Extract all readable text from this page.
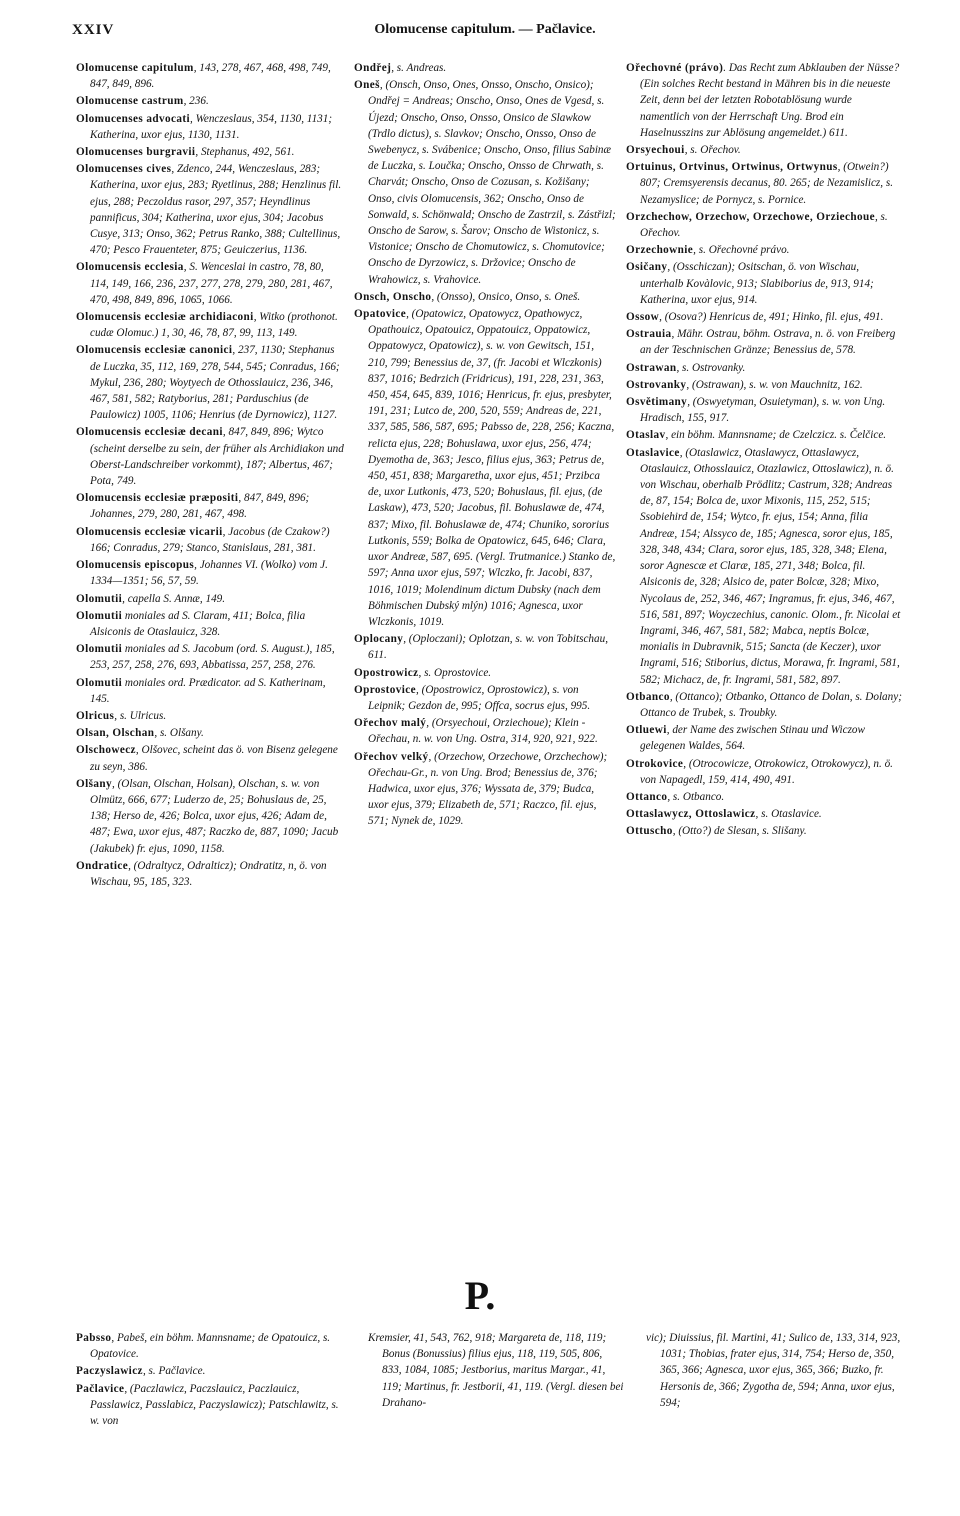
XXIV	Olomucense capitulum. — Pačlavice.
Olomucense capitulum, 143, 278, 467, 468, 498, 749, 847, 849, 896.
Olomucense castrum, 236.
Olomucenses advocati, Wenczeslaus, 354, 1130, 1131; Katherina, uxor ejus, 1130, 1131.
Olomucenses burgravii, Stephanus, 492, 561.
Olomucenses cives, Zdenco, 244, Wenczeslaus, 283; Katherina, uxor ejus, 283; Ryetlinus, 288; Henzlinus fil. ejus, 288; Peczoldus rasor, 297, 357; Heyndlinus pannificus, 304; Katherina, uxor ejus, 304; Jacobus Cusye, 313; Onso, 362; Petrus Ranko, 388; Cultellinus, 470; Pesco Frauenteter, 875; Geuiczerius, 1136.
Olomucensis ecclesia, S. Wenceslai in castro, 78, 80, 114, 149, 166, 236, 237, 277, 278, 279, 280, 281, 467, 470, 498, 849, 896, 1065, 1066.
Olomucensis ecclesiæ archidiaconi, Witko (prothonot. cudæ Olomuc.) 1, 30, 46, 78, 87, 99, 113, 149.
Olomucensis ecclesiæ canonici, 237, 1130; Stephanus de Luczka, 35, 112, 169, 278, 544, 545; Conradus, 166; Mykul, 236, 280; Woytyech de Othosslauicz, 236, 346, 467, 581, 582; Ratyborius, 281; Parduschius (de Paulowicz) 1005, 1106; Henrius (de Dyrnowicz), 1127.
Olomucensis ecclesiæ decani, 847, 849, 896; Wytco (scheint derselbe zu sein, der früher als Archidiakon und Oberst-Landschreiber vorkommt), 187; Albertus, 467; Pota, 749.
Olomucensis ecclesiæ præpositi, 847, 849, 896; Johannes, 279, 280, 281, 467, 498.
Olomucensis ecclesiæ vicarii, Jacobus (de Czakow?) 166; Conradus, 279; Stanco, Stanislaus, 281, 381.
Olomucensis episcopus, Johannes VI. (Wolko) vom J. 1334—1351; 56, 57, 59.
Olomutii, capella S. Annæ, 149.
Olomutii moniales ad S. Claram, 411; Bolca, filia Alsiconis de Otaslauicz, 328.
Olomutii moniales ad S. Jacobum (ord. S. August.), 185, 253, 257, 258, 276, 693, Abbatissa, 257, 258, 276.
Olomutii moniales ord. Prædicator. ad S. Katherinam, 145.
Olricus, s. Ulricus.
Olsan, Olschan, s. Olšany.
Olschowecz, Olšovec, scheint das ö. von Bisenz gelegene zu seyn, 386.
Olšany, (Olsan, Olschan, Holsan), Olschan, s. w. von Olmütz, 666, 677; Luderzo de, 25; Bohuslaus de, 25, 138; Herso de, 426; Bolca, uxor ejus, 426; Adam de, 487; Ewa, uxor ejus, 487; Raczko de, 887, 1090; Jacub (Jakubek) fr. ejus, 1090, 1158.
Ondratice, (Odraltycz, Odralticz); Ondratitz, n, ö. von Wischau, 95, 185, 323.
Ondřej, s. Andreas.
Oneš, (Onsch, Onso, Ones, Onsso, Onscho, Onsico); Ondřej = Andreas; Onscho, Onso, Ones de Vgesd, s. Újezd; Onscho, Onso, Onsso, Onsico de Slawkow (Trdlo dictus), s. Slavkov; Onscho, Onsso, Onso de Swebenycz, s. Svábenice; Onscho, Onso, filius Sabinæ de Luczka, s. Loučka; Onscho, Onsso de Chrwath, s. Charvát; Onscho, Onso de Cozusan, s. Kožišany; Onso, civis Olomucensis, 362; Onscho, Onso de Sonwald, s. Schönwald; Onscho de Zastrzil, s. Zástřizl; Onscho de Sarow, s. Šarov; Onscho de Wistonicz, s. Vistonice; Onscho de Chomutowicz, s. Chomutovice; Onscho de Dyrzowicz, s. Držovice; Onscho de Wrahowicz, s. Vrahovice.
Onsch, Onscho, (Onsso), Onsico, Onso, s. Oneš.
Opatovice, (Opatowicz, Opatowycz, Opathowycz, Opathouicz, Opatouicz, Oppatouicz, Oppatowicz, Oppatowycz, Opatowicz), s. w. von Gewitsch, 151, 210, 799; Benessius de, 37, (fr. Jacobi et Wlczkonis) 837, 1016; Bedrzich (Fridricus), 191, 228, 231, 363, 450, 454, 645, 839, 1016; Henricus, fr. ejus, presbyter, 191, 231; Lutco de, 200, 520, 559; Andreas de, 221, 337, 585, 586, 587, 695; Pabsso de, 228, 256; Kaczna, relicta ejus, 228; Bohuslawa, uxor ejus, 256, 474; Dyemotha de, 363; Jesco, filius ejus, 363; Petrus de, 450, 451, 838; Margaretha, uxor ejus, 451; Przibca de, uxor Lutkonis, 473, 520; Bohuslaus, fil. ejus, (de Laskaw), 473, 520; Jacobus, fil. Bohuslawæ de, 474, 837; Mixo, fil. Bohuslawæ de, 474; Chuniko, sororius Lutkonis, 559; Bolka de Opatowicz, 645, 646; Clara, uxor Andreæ, 587, 695. (Vergl. Trutmanice.) Stanko de, 597; Anna uxor ejus, 597; Wlczko, fr. Jacobi, 837, 1016, 1019; Molendinum dictum Dubsky (nach dem Böhmischen Dubský mlýn) 1016; Agnesca, uxor Wlczkonis, 1019.
Oplocany, (Oploczani); Oplotzan, s. w. von Tobitschau, 611.
Opostrowicz, s. Oprostovice.
Oprostovice, (Opostrowicz, Oprostowicz), s. von Leipnik; Gezdon de, 995; Offca, socrus ejus, 995.
Ořechov malý, (Orsyechoui, Orziechoue); Klein - Ořechau, n. w. von Ung. Ostra, 314, 920, 921, 922.
Ořechov velký, (Orzechow, Orzechowe, Orzchechow); Ořechau-Gr., n. von Ung. Brod; Benessius de, 376; Hadwica, uxor ejus, 376; Wyssata de, 379; Budca, uxor ejus, 379; Elizabeth de, 571; Raczco, fil. ejus, 571; Nynek de, 1029.
Ořechovné (právo). Das Recht zum Abklauben der Nüsse? (Ein solches Recht bestand in Mähren bis in die neueste Zeit, denn bei der letzten Robotablösung wurde namentlich von der Herrschaft Ung. Brod ein Haselnusszins zur Ablösung angemeldet.) 611.
Orsyechoui, s. Ořechov.
Ortuinus, Ortvinus, Ortwinus, Ortwynus, (Otwein?) 807; Cremsyerensis decanus, 80. 265; de Nezamislicz, s. Nezamyslice; de Pornycz, s. Pornice.
Orzchechow, Orzechow, Orzechowe, Orziechoue, s. Ořechov.
Orzechownie, s. Ořechovné právo.
Osičany, (Osschiczan); Ositschan, ö. von Wischau, unterhalb Kovàlovic, 913; Slabiborius de, 913, 914; Katherina, uxor ejus, 914.
Ossow, (Osova?) Henricus de, 491; Hinko, fil. ejus, 491.
Ostrauia, Mähr. Ostrau, böhm. Ostrava, n. ö. von Freiberg an der Teschnischen Gränze; Benessius de, 578.
Ostrawan, s. Ostrovanky.
Ostrovanky, (Ostrawan), s. w. von Mauchnitz, 162.
Osvětimany, (Oswyetyman, Osuietyman), s. w. von Ung. Hradisch, 155, 917.
Otaslav, ein böhm. Mannsname; de Czelczicz. s. Čelčice.
Otaslavice, (Otaslawicz, Otaslawycz, Ottaslawycz, Otaslauicz, Othosslauicz, Otazlawicz, Ottoslawicz), n. ö. von Wischau, oberhalb Prödlitz; Castrum, 328; Andreas de, 87, 154; Bolca de, uxor Mixonis, 115, 252, 515; Ssobiehird de, 154; Wytco, fr. ejus, 154; Anna, filia Andreæ, 154; Alssyco de, 185; Agnesca, soror ejus, 185, 328, 348, 434; Clara, soror ejus, 185, 328, 348; Elena, soror Agnescæ et Claræ, 185, 271, 348; Bolca, fil. Alsiconis de, 328; Alsico de, pater Bolcæ, 328; Mixo, Nycolaus de, 252, 346, 467; Ingramus, fr. ejus, 346, 467, 516, 581, 897; Woyczechius, canonic. Olom., fr. Nicolai et Ingrami, 346, 467, 581, 582; Mabca, neptis Bolcæ, monialis in Dubravnik, 515; Sancta (de Keczer), uxor Ingrami, 516; Stiborius, dictus, Morawa, fr. Ingrami, 581, 582; Michacz, de, fr. Ingrami, 581, 582, 897.
Otbanco, (Ottanco); Otbanko, Ottanco de Dolan, s. Dolany; Ottanco de Trubek, s. Troubky.
Otluewi, der Name des zwischen Stinau und Wiczow gelegenen Waldes, 564.
Otrokovice, (Otrocowicze, Otrokowicz, Otrokowycz), n. ö. von Napagedl, 159, 414, 490, 491.
Ottanco, s. Otbanco.
Ottaslawycz, Ottoslawicz, s. Otaslavice.
Ottuscho, (Otto?) de Slesan, s. Slišany.
P.
Pabsso, Pabeš, ein böhm. Mannsname; de Opatouicz, s. Opatovice.
Paczyslawicz, s. Pačlavice.
Pačlavice, (Paczlawicz, Paczslauicz, Paczlauicz, Passlawicz, Passlabicz, Paczyslawicz); Patschlawitz, s. w. von
Kremsier, 41, 543, 762, 918; Margareta de, 118, 119; Bonus (Bonussius) filius ejus, 118, 119, 505, 806, 833, 1084, 1085; Jestborius, maritus Margar., 41, 119; Martinus, fr. Jestborii, 41, 119. (Vergl. diesen bei Drahano-
vic); Diuissius, fil. Martini, 41; Sulico de, 133, 314, 923, 1031; Thobias, frater ejus, 314, 754; Herso de, 350, 365, 366; Agnesca, uxor ejus, 365, 366; Buzko, fr. Hersonis de, 366; Zygotha de, 594; Anna, uxor ejus, 594;
